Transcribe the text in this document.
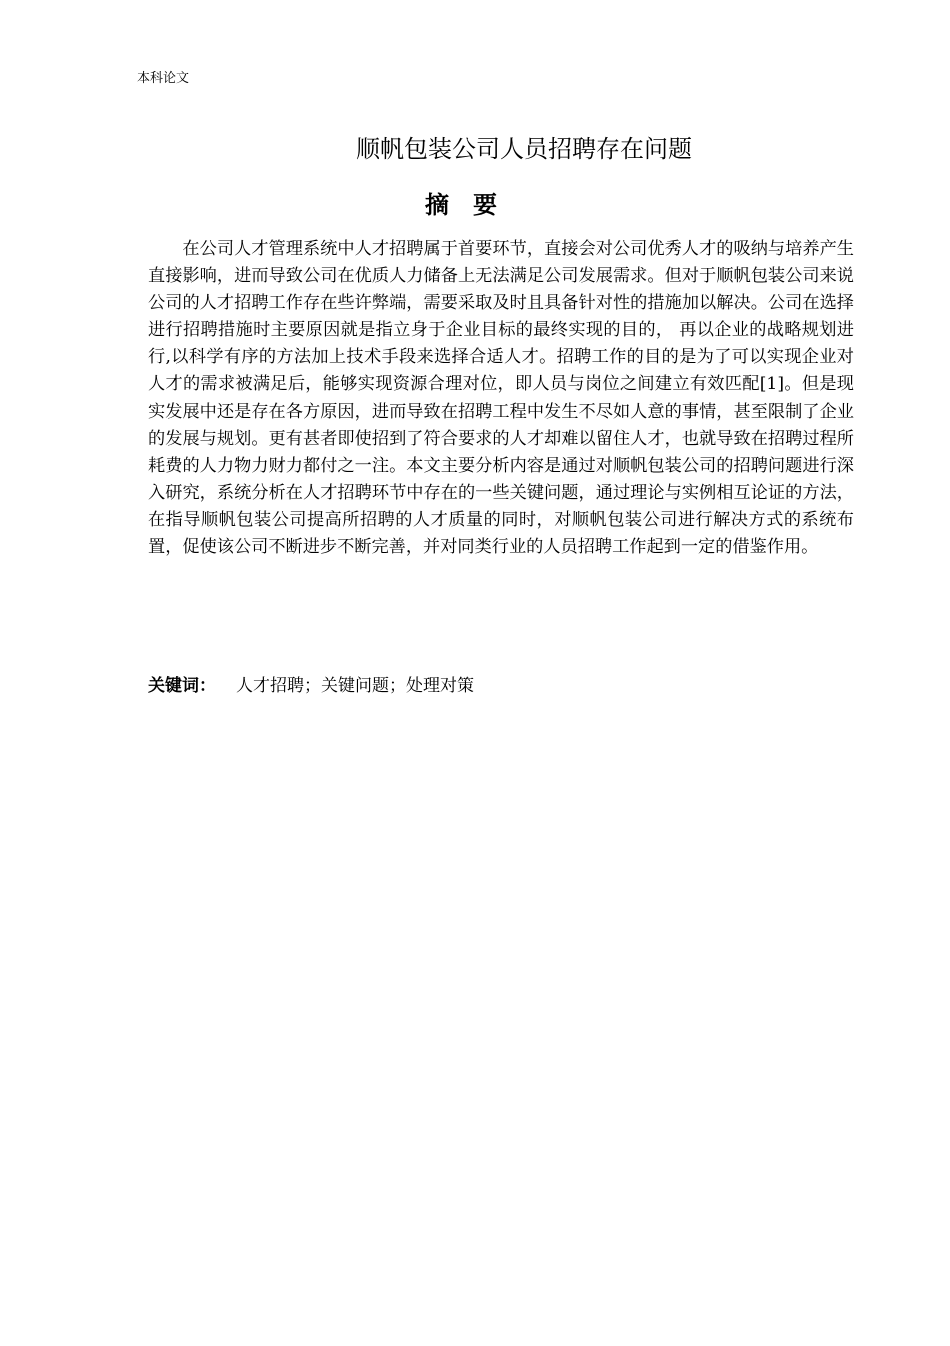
本科论文
顺帆包装公司人员招聘存在问题
摘要

在公司人才管理系统中人才招聘属于首要环节，直接会对公司优秀人才的吸纳与培养产生直接影响，进而导致公司在优质人力储备上无法满足公司发展需求。但对于顺帆包装公司来说公司的人才招聘工作存在些许弊端，需要采取及时且具备针对性的措施加以解决。公司在选择进行招聘措施时主要原因就是指立身于企业目标的最终实现的目的， 再以企业的战略规划进行,以科学有序的方法加上技术手段来选择合适人才。招聘工作的目的是为了可以实现企业对人才的需求被满足后，能够实现资源合理对位，即人员与岗位之间建立有效匹配[1]。但是现实发展中还是存在各方原因，进而导致在招聘工程中发生不尽如人意的事情，甚至限制了企业的发展与规划。更有甚者即使招到了符合要求的人才却难以留住人才，也就导致在招聘过程所耗费的人力物力财力都付之一注。本文主要分析内容是通过对顺帆包装公司的招聘问题进行深入研究，系统分析在人才招聘环节中存在的一些关键问题，通过理论与实例相互论证的方法，在指导顺帆包装公司提高所招聘的人才质量的同时，对顺帆包装公司进行解决方式的系统布置，促使该公司不断进步不断完善，并对同类行业的人员招聘工作起到一定的借鉴作用。

关键词： 人才招聘；关键问题；处理对策
